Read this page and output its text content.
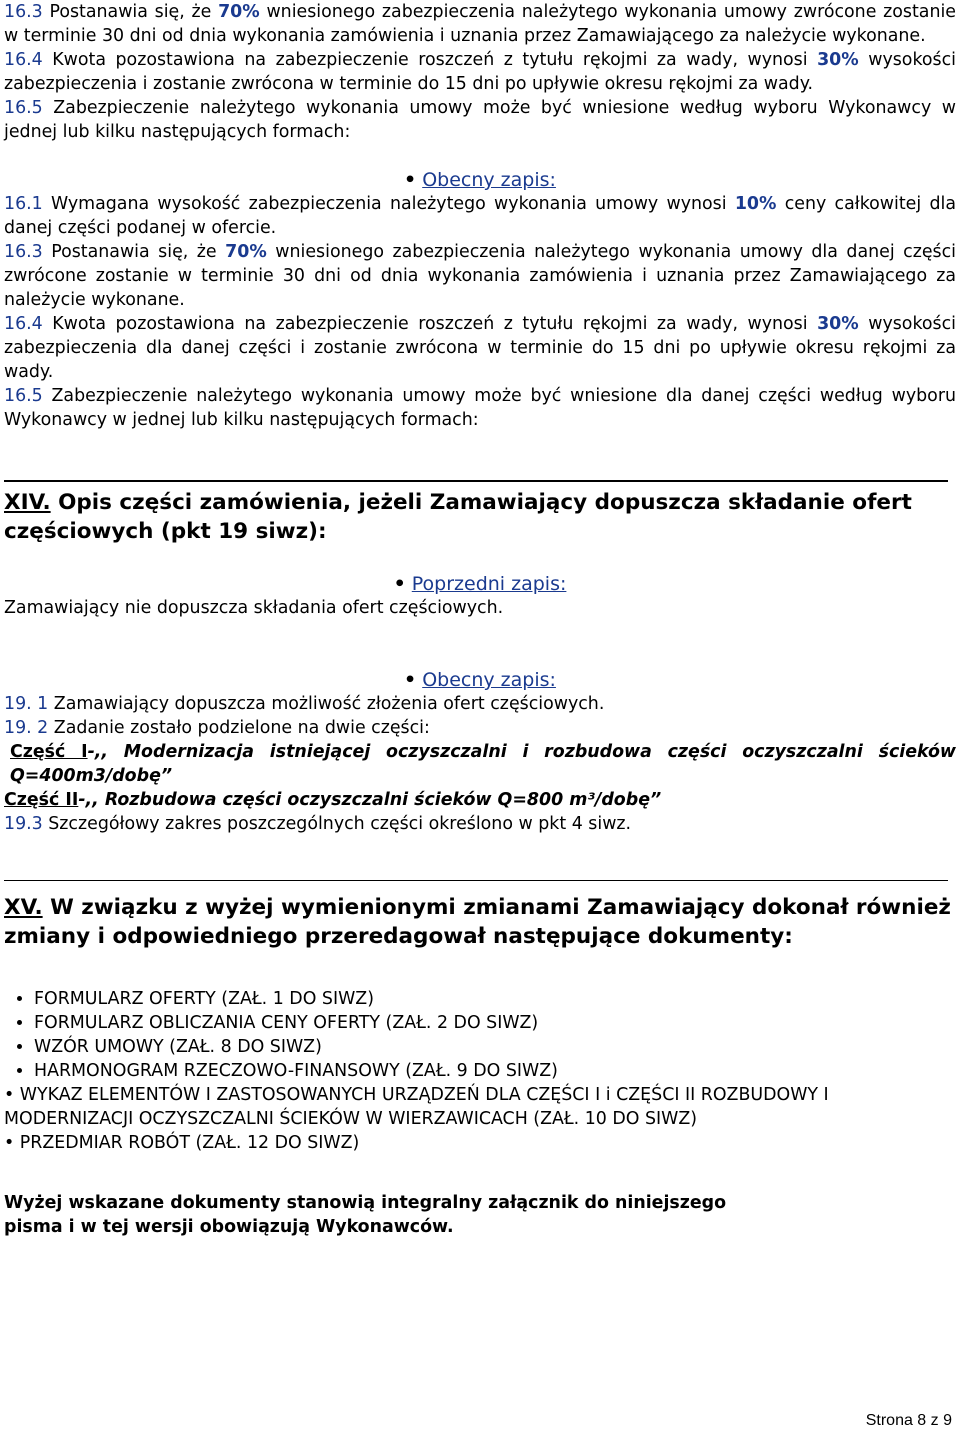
16.3 Postanawia się, że 70% wniesionego zabezpieczenia należytego wykonania umowy zwrócone zostanie w terminie 30 dni od dnia wykonania zamówienia i uznania przez Zamawiającego za należycie wykonane.

16.4 Kwota pozostawiona na zabezpieczenie roszczeń z tytułu rękojmi za wady, wynosi 30% wysokości zabezpieczenia i zostanie zwrócona w terminie do 15 dni po upływie okresu rękojmi za wady.

16.5 Zabezpieczenie należytego wykonania umowy może być wniesione według wyboru Wykonawcy w jednej lub kilku następujących formach:

• Obecny zapis:

16.1 Wymagana wysokość zabezpieczenia należytego wykonania umowy wynosi 10% ceny całkowitej dla danej części podanej w ofercie.

16.3 Postanawia się, że 70% wniesionego zabezpieczenia należytego wykonania umowy dla danej części zwrócone zostanie w terminie 30 dni od dnia wykonania zamówienia i uznania przez Zamawiającego za należycie wykonane.

16.4 Kwota pozostawiona na zabezpieczenie roszczeń z tytułu rękojmi za wady, wynosi 30% wysokości zabezpieczenia dla danej części i zostanie zwrócona w terminie do 15 dni po upływie okresu rękojmi za wady.

16.5 Zabezpieczenie należytego wykonania umowy może być wniesione dla danej części według wyboru Wykonawcy w jednej lub kilku następujących formach:

XIV. Opis części zamówienia, jeżeli Zamawiający dopuszcza składanie ofert częściowych (pkt 19 siwz):

• Poprzedni zapis:

Zamawiający nie dopuszcza składania ofert częściowych.

• Obecny zapis:

19. 1 Zamawiający dopuszcza możliwość złożenia ofert częściowych.

19. 2 Zadanie zostało podzielone na dwie części:

Część I-,, Modernizacja istniejącej oczyszczalni i rozbudowa części oczyszczalni ścieków Q=400m3/dobę”

Część II-,, Rozbudowa części oczyszczalni ścieków Q=800 m³/dobę”

19.3 Szczegółowy zakres poszczególnych części określono w pkt 4 siwz.

XV. W związku z wyżej wymienionymi zmianami Zamawiający dokonał również zmiany i odpowiedniego przeredagował następujące dokumenty:

• FORMULARZ OFERTY (ZAŁ. 1 DO SIWZ)
• FORMULARZ OBLICZANIA CENY OFERTY (ZAŁ. 2 DO SIWZ)
• WZÓR UMOWY (ZAŁ. 8 DO SIWZ)
• HARMONOGRAM RZECZOWO-FINANSOWY (ZAŁ. 9 DO SIWZ)

• WYKAZ ELEMENTÓW I ZASTOSOWANYCH URZĄDZEŃ DLA CZĘŚCI I i CZĘŚCI II ROZBUDOWY I MODERNIZACJI OCZYSZCZALNI ŚCIEKÓW W WIERZAWICACH (ZAŁ. 10 DO SIWZ)

• PRZEDMIAR ROBÓT (ZAŁ. 12 DO SIWZ)

Wyżej wskazane dokumenty stanowią integralny załącznik do niniejszego pisma i w tej wersji obowiązują Wykonawców.

Strona 8 z 9
